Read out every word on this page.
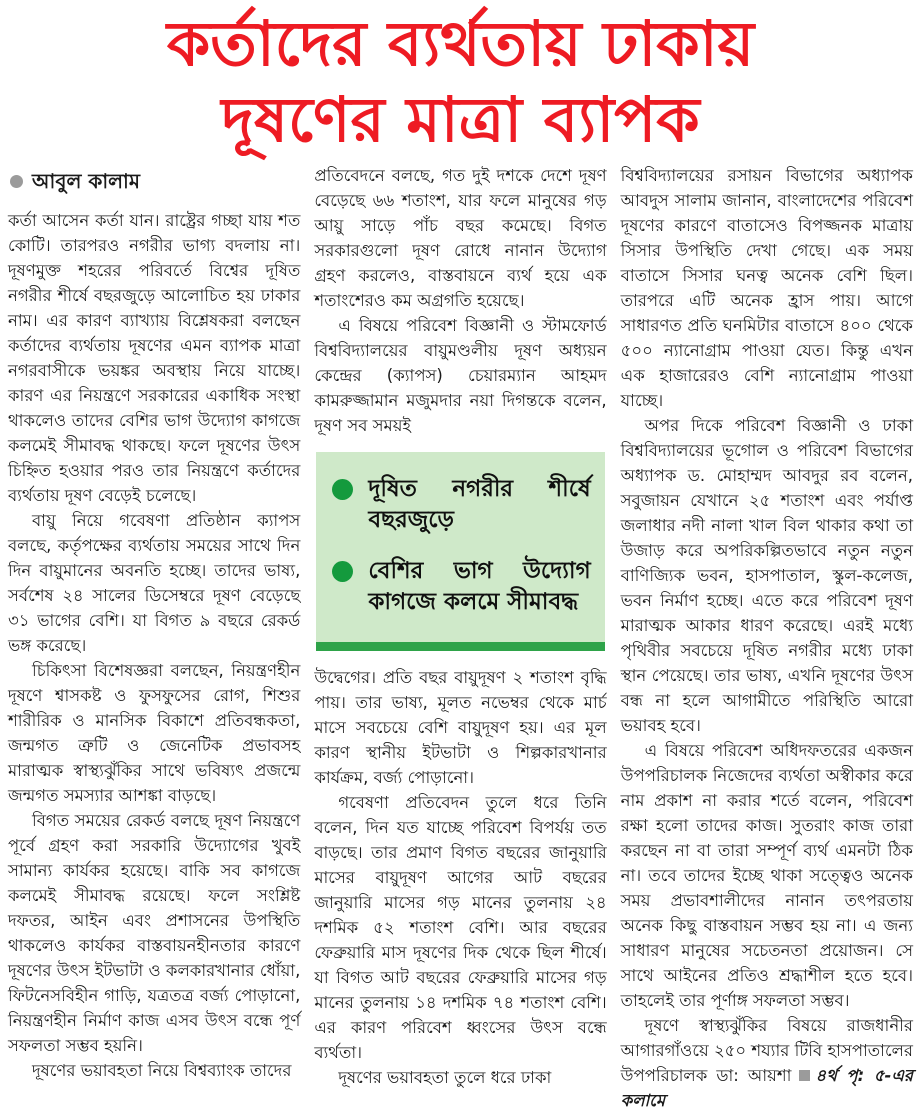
কর্তাদের ব্যর্থতায় ঢাকায়
দূষণের মাত্রা ব্যাপক
আবুল কালাম

কর্তা আসেন কর্তা যান। রাষ্ট্রের গচ্ছা যায় শত কোটি। তারপরও নগরীর ভাগ্য বদলায় না। দূষণমুক্ত শহরের পরিবর্তে বিশ্বের দূষিত নগরীর শীর্ষে বছরজুড়ে আলোচিত হয় ঢাকার নাম। এর কারণ ব্যাখ্যায় বিশ্লেষকরা বলছেন কর্তাদের ব্যর্থতায় দূষণের এমন ব্যাপক মাত্রা নগরবাসীকে ভয়ঙ্কর অবস্থায় নিয়ে যাচ্ছে। কারণ এর নিয়ন্ত্রণে সরকারের একাধিক সংস্থা থাকলেও তাদের বেশির ভাগ উদ্যোগ কাগজে কলমেই সীমাবদ্ধ থাকছে। ফলে দূষণের উৎস চিহ্নিত হওয়ার পরও তার নিয়ন্ত্রণে কর্তাদের ব্যর্থতায় দূষণ বেড়েই চলেছে।

বায়ু নিয়ে গবেষণা প্রতিষ্ঠান ক্যাপস বলছে, কর্তৃপক্ষের ব্যর্থতায় সময়ের সাথে দিন দিন বায়ুমানের অবনতি হচ্ছে। তাদের ভাষ্য, সর্বশেষ ২৪ সালের ডিসেম্বরে দূষণ বেড়েছে ৩১ ভাগের বেশি। যা বিগত ৯ বছরে রেকর্ড ভঙ্গ করেছে।

চিকিৎসা বিশেষজ্ঞরা বলছেন, নিয়ন্ত্রণহীন দূষণে শ্বাসকষ্ট ও ফুসফুসের রোগ, শিশুর শারীরিক ও মানসিক বিকাশে প্রতিবন্ধকতা, জন্মগত ত্রুটি ও জেনেটিক প্রভাবসহ মারাত্মক স্বাস্থ্যঝুঁকির সাথে ভবিষ্যৎ প্রজন্মে জন্মগত সমস্যার আশঙ্কা বাড়ছে।

বিগত সময়ের রেকর্ড বলছে দূষণ নিয়ন্ত্রণে পূর্বে গ্রহণ করা সরকারি উদ্যোগের খুবই সামান্য কার্যকর হয়েছে। বাকি সব কাগজে কলমেই সীমাবদ্ধ রয়েছে। ফলে সংশ্লিষ্ট দফতর, আইন এবং প্রশাসনের উপস্থিতি থাকলেও কার্যকর বাস্তবায়নহীনতার কারণে দূষণের উৎস ইটভাটা ও কলকারখানার ধোঁয়া, ফিটনেসবিহীন গাড়ি, যত্রতত্র বর্জ্য পোড়ানো, নিয়ন্ত্রণহীন নির্মাণ কাজ এসব উৎস বন্ধে পূর্ণ সফলতা সম্ভব হয়নি।

দূষণের ভয়াবহতা নিয়ে বিশ্বব্যাংক তাদের

প্রতিবেদনে বলছে, গত দুই দশকে দেশে দূষণ বেড়েছে ৬৬ শতাংশ, যার ফলে মানুষের গড় আয়ু সাড়ে পাঁচ বছর কমেছে। বিগত সরকারগুলো দূষণ রোধে নানান উদ্যোগ গ্রহণ করলেও, বাস্তবায়নে ব্যর্থ হয়ে এক শতাংশেরও কম অগ্রগতি হয়েছে।

এ বিষয়ে পরিবেশ বিজ্ঞানী ও স্টামফোর্ড বিশ্ববিদ্যালয়ের বায়ুমণ্ডলীয় দূষণ অধ্যয়ন কেন্দ্রের (ক্যাপস) চেয়ারম্যান আহমদ কামরুজ্জামান মজুমদার নয়া দিগন্তকে বলেন, দূষণ সব সময়ই

দূষিত নগরীর শীর্ষে বছরজুড়ে
বেশির ভাগ উদ্যোগ কাগজে কলমে সীমাবদ্ধ

উদ্বেগের। প্রতি বছর বায়ুদূষণ ২ শতাংশ বৃদ্ধি পায়। তার ভাষ্য, মূলত নভেম্বর থেকে মার্চ মাসে সবচেয়ে বেশি বায়ুদূষণ হয়। এর মূল কারণ স্থানীয় ইটভাটা ও শিল্পকারখানার কার্যক্রম, বর্জ্য পোড়ানো।

গবেষণা প্রতিবেদন তুলে ধরে তিনি বলেন, দিন যত যাচ্ছে পরিবেশ বিপর্যয় তত বাড়ছে। তার প্রমাণ বিগত বছরের জানুয়ারি মাসের বায়ুদূষণ আগের আট বছরের জানুয়ারি মাসের গড় মানের তুলনায় ২৪ দশমিক ৫২ শতাংশ বেশি। আর বছরের ফেব্রুয়ারি মাস দূষণের দিক থেকে ছিল শীর্ষে। যা বিগত আট বছরের ফেব্রুয়ারি মাসের গড় মানের তুলনায় ১৪ দশমিক ৭৪ শতাংশ বেশি। এর কারণ পরিবেশ ধ্বংসের উৎস বন্ধে ব্যর্থতা।

দূষণের ভয়াবহতা তুলে ধরে ঢাকা

বিশ্ববিদ্যালয়ের রসায়ন বিভাগের অধ্যাপক আবদুস সালাম জানান, বাংলাদেশের পরিবেশ দূষণের কারণে বাতাসেও বিপজ্জনক মাত্রায় সিসার উপস্থিতি দেখা গেছে। এক সময় বাতাসে সিসার ঘনত্ব অনেক বেশি ছিল। তারপরে এটি অনেক হ্রাস পায়। আগে সাধারণত প্রতি ঘনমিটার বাতাসে ৪০০ থেকে ৫০০ ন্যানোগ্রাম পাওয়া যেত। কিন্তু এখন এক হাজারেরও বেশি ন্যানোগ্রাম পাওয়া যাচ্ছে।

অপর দিকে পরিবেশ বিজ্ঞানী ও ঢাকা বিশ্ববিদ্যালয়ের ভূগোল ও পরিবেশ বিভাগের অধ্যাপক ড. মোহাম্মদ আবদুর রব বলেন, সবুজায়ন যেখানে ২৫ শতাংশ এবং পর্যাপ্ত জলাধার নদী নালা খাল বিল থাকার কথা তা উজাড় করে অপরিকল্পিতভাবে নতুন নতুন বাণিজ্যিক ভবন, হাসপাতাল, স্কুল-কলেজ, ভবন নির্মাণ হচ্ছে। এতে করে পরিবেশ দূষণ মারাত্মক আকার ধারণ করেছে। এরই মধ্যে পৃথিবীর সবচেয়ে দূষিত নগরীর মধ্যে ঢাকা স্থান পেয়েছে। তার ভাষ্য, এখনি দূষণের উৎস বন্ধ না হলে আগামীতে পরিস্থিতি আরো ভয়াবহ হবে।

এ বিষয়ে পরিবেশ অধিদফতরের একজন উপপরিচালক নিজেদের ব্যর্থতা অস্বীকার করে নাম প্রকাশ না করার শর্তে বলেন, পরিবেশ রক্ষা হলো তাদের কাজ। সুতরাং কাজ তারা করছেন না বা তারা সম্পূর্ণ ব্যর্থ এমনটা ঠিক না। তবে তাদের ইচ্ছে থাকা সত্ত্বেও অনেক সময় প্রভাবশালীদের নানান তৎপরতায় অনেক কিছু বাস্তবায়ন সম্ভব হয় না। এ জন্য সাধারণ মানুষের সচেতনতা প্রয়োজন। সে সাথে আইনের প্রতিও শ্রদ্ধাশীল হতে হবে। তাহলেই তার পূর্ণাঙ্গ সফলতা সম্ভব।

দূষণে স্বাস্থ্যঝুঁকির বিষয়ে রাজধানীর আগারগাঁওয়ে ২৫০ শয্যার টিবি হাসপাতালের উপপরিচালক ডা: আয়শা ৪র্থ পৃ: ৫-এর কলামে
